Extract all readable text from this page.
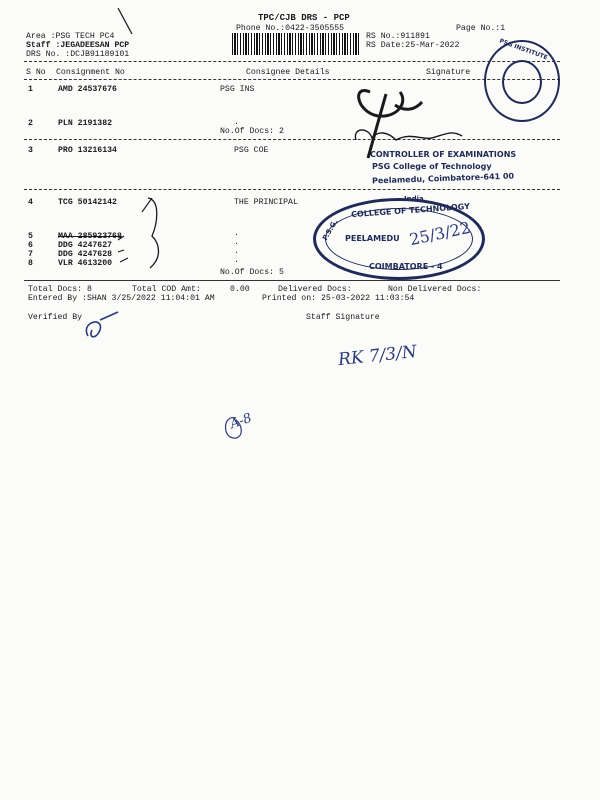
TPC/CJB DRS - PCP
Phone No.:0422-3505555	Page No.:1
Area :PSG TECH PC4
Staff :JEGADEESAN PCP
DRS No. :DCJB91189101
RS No.:911891
RS Date:25-Mar-2022
S No Consignment No	Consignee Details	Signature
1	AMD 24537676	PSG INS
2	PLN 2191382	.
No.Of Docs: 2
3	PRO 13216134	PSG COE
4	TCG 50142142	THE PRINCIPAL
5	MAA 285923768	.
6	DDG 4247627	.
7	DDG 4247628	.
8	VLR 4613200	.
No.Of Docs: 5
Total Docs: 8	Total COD Amt:	0.00	Delivered Docs:	Non Delivered Docs:
Entered By :SHAN 3/25/2022 11:04:01 AM	Printed on: 25-03-2022 11:03:54
Verified By	Staff Signature
CONTROLLER OF EXAMINATIONS
PSG College of Technology
Peelamedu, Coimbatore-641 00
India
COLLEGE OF TECHNOLOGY
P.S.G. PEELAMEDU 25/3/22
COIMBATORE - 4
PSG INSTITUTE
RK 7/3/N
A-8
